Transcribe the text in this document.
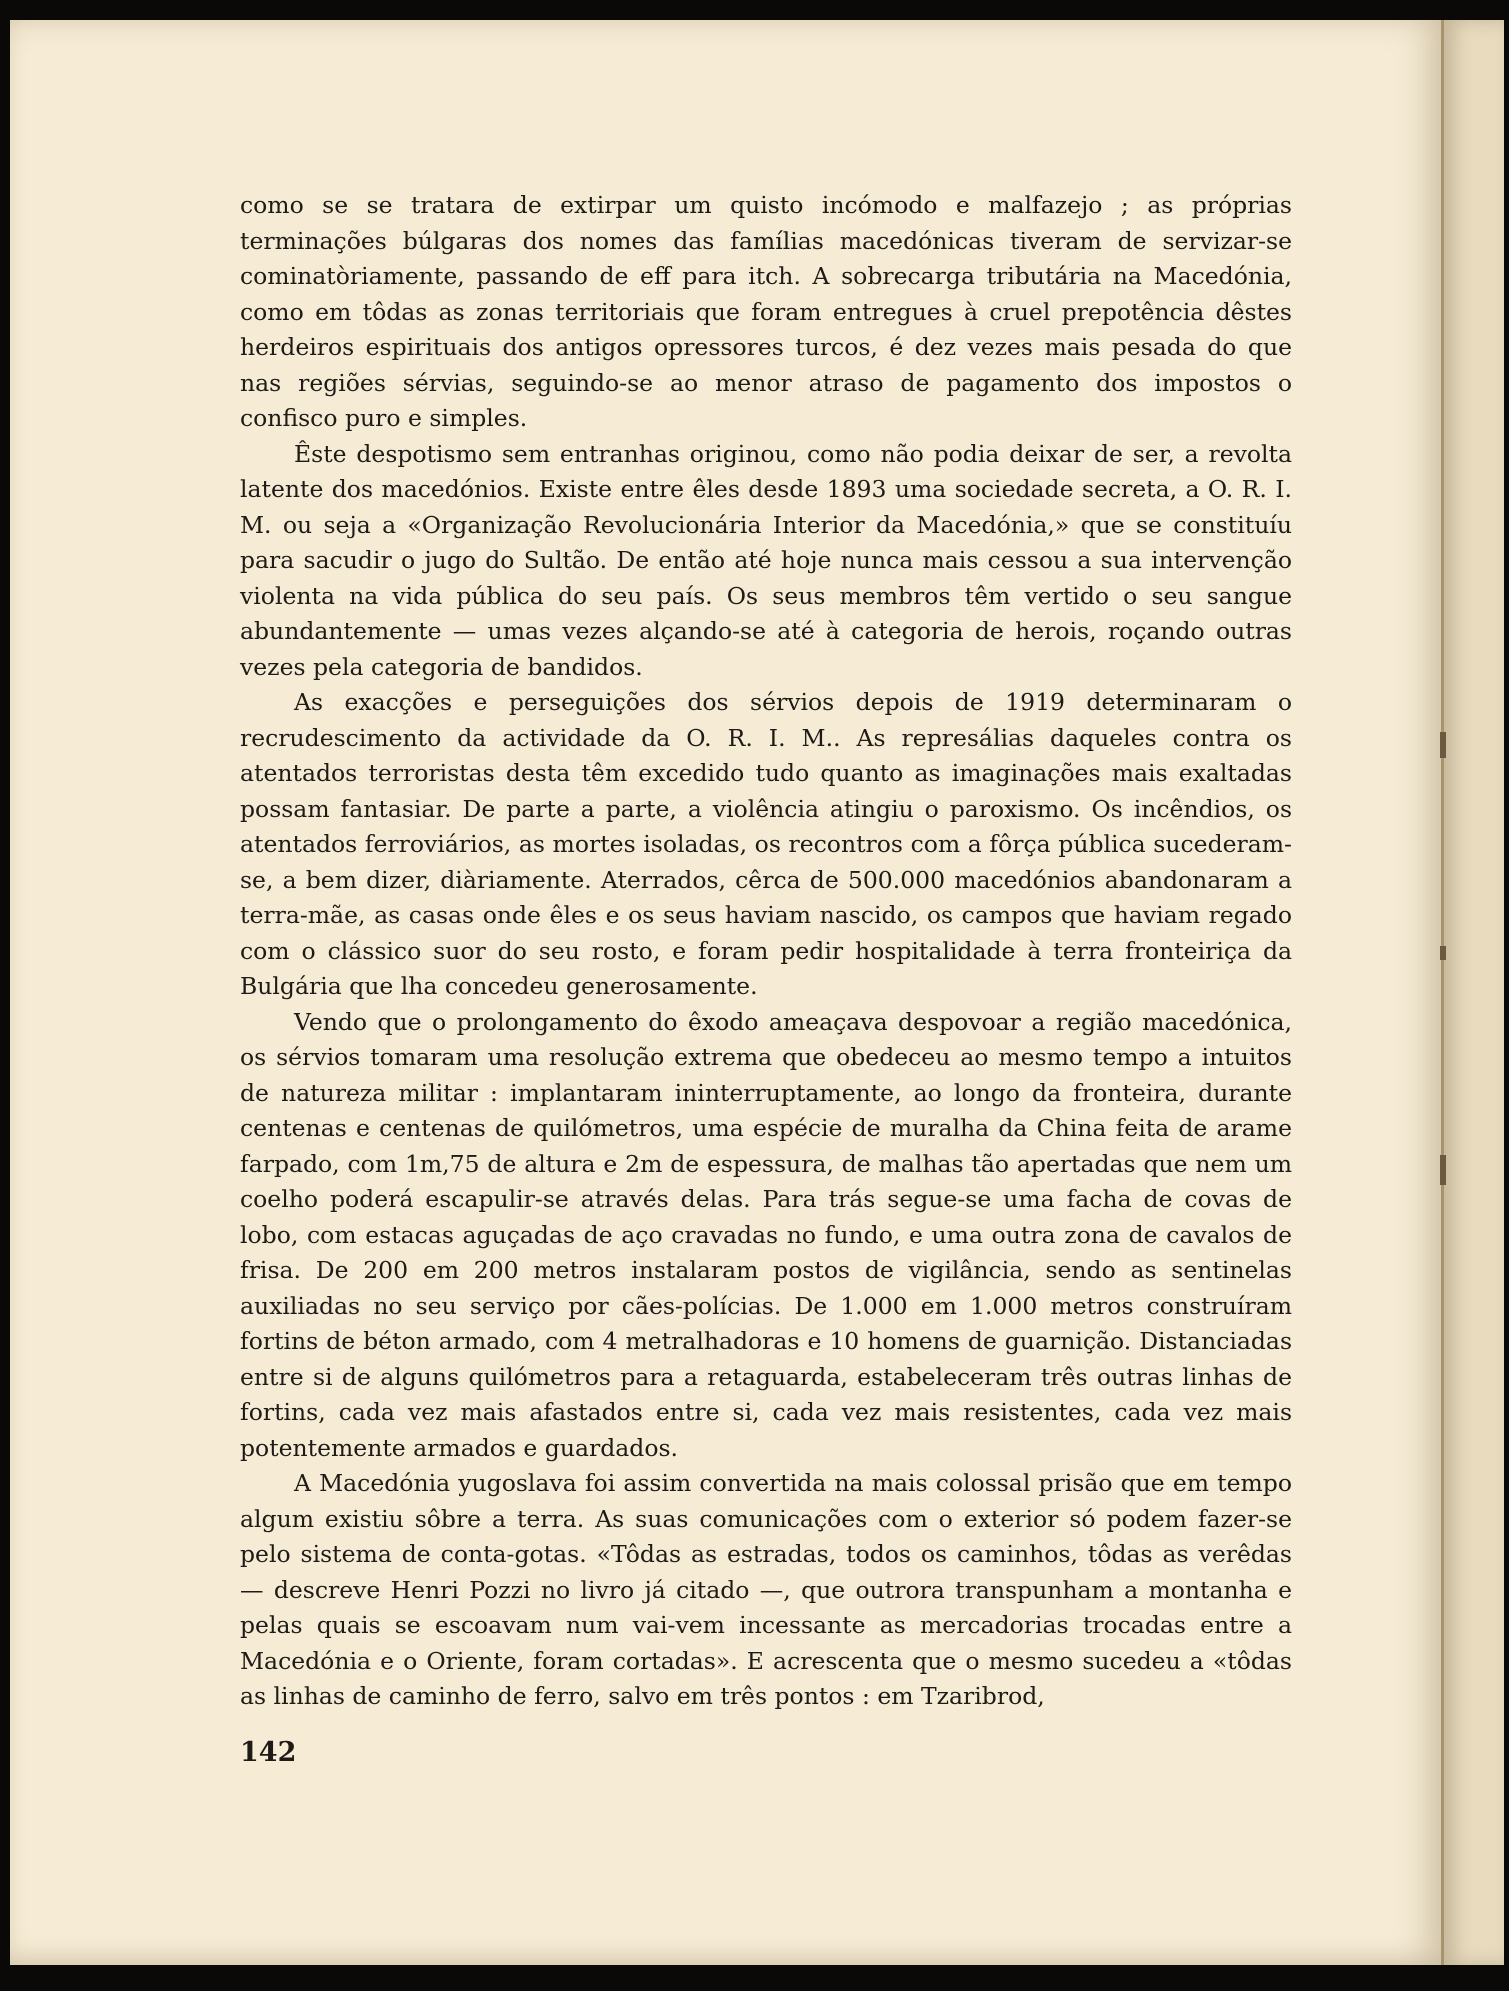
como se se tratara de extirpar um quisto incómodo e malfazejo ; as próprias terminações búlgaras dos nomes das famílias macedónicas tiveram de servizar-se cominatòriamente, passando de eff para itch. A sobrecarga tributária na Macedónia, como em tôdas as zonas territoriais que foram entregues à cruel prepotência dêstes herdeiros espirituais dos antigos opressores turcos, é dez vezes mais pesada do que nas regiões sérvias, seguindo-se ao menor atraso de pagamento dos impostos o confisco puro e simples.

Êste despotismo sem entranhas originou, como não podia deixar de ser, a revolta latente dos macedónios. Existe entre êles desde 1893 uma sociedade secreta, a O. R. I. M. ou seja a «Organização Revolucionária Interior da Macedónia,» que se constituíu para sacudir o jugo do Sultão. De então até hoje nunca mais cessou a sua intervenção violenta na vida pública do seu país. Os seus membros têm vertido o seu sangue abundantemente — umas vezes alçando-se até à categoria de herois, roçando outras vezes pela categoria de bandidos.

As exacções e perseguições dos sérvios depois de 1919 determinaram o recrudescimento da actividade da O. R. I. M.. As represálias daqueles contra os atentados terroristas desta têm excedido tudo quanto as imaginações mais exaltadas possam fantasiar. De parte a parte, a violência atingiu o paroxismo. Os incêndios, os atentados ferroviários, as mortes isoladas, os recontros com a fôrça pública sucederam-se, a bem dizer, diàriamente. Aterrados, cêrca de 500.000 macedónios abandonaram a terra-mãe, as casas onde êles e os seus haviam nascido, os campos que haviam regado com o clássico suor do seu rosto, e foram pedir hospitalidade à terra fronteiriça da Bulgária que lha concedeu generosamente.

Vendo que o prolongamento do êxodo ameaçava despovoar a região macedónica, os sérvios tomaram uma resolução extrema que obedeceu ao mesmo tempo a intuitos de natureza militar : implantaram ininterruptamente, ao longo da fronteira, durante centenas e centenas de quilómetros, uma espécie de muralha da China feita de arame farpado, com 1m,75 de altura e 2m de espessura, de malhas tão apertadas que nem um coelho poderá escapulir-se através delas. Para trás segue-se uma facha de covas de lobo, com estacas aguçadas de aço cravadas no fundo, e uma outra zona de cavalos de frisa. De 200 em 200 metros instalaram postos de vigilância, sendo as sentinelas auxiliadas no seu serviço por cães-polícias. De 1.000 em 1.000 metros construíram fortins de béton armado, com 4 metralhadoras e 10 homens de guarnição. Distanciadas entre si de alguns quilómetros para a retaguarda, estabeleceram três outras linhas de fortins, cada vez mais afastados entre si, cada vez mais resistentes, cada vez mais potentemente armados e guardados.

A Macedónia yugoslava foi assim convertida na mais colossal prisão que em tempo algum existiu sôbre a terra. As suas comunicações com o exterior só podem fazer-se pelo sistema de conta-gotas. «Tôdas as estradas, todos os caminhos, tôdas as verêdas — descreve Henri Pozzi no livro já citado —, que outrora transpunham a montanha e pelas quais se escoavam num vai-vem incessante as mercadorias trocadas entre a Macedónia e o Oriente, foram cortadas». E acrescenta que o mesmo sucedeu a «tôdas as linhas de caminho de ferro, salvo em três pontos : em Tzaribrod,

142
